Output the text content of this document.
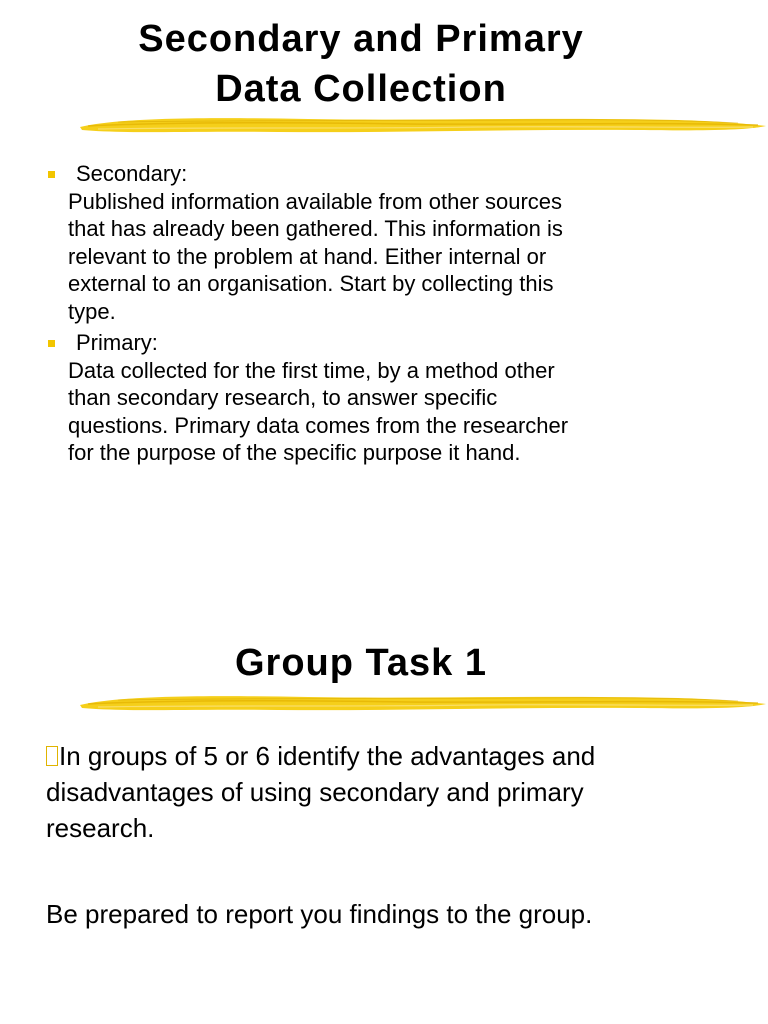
Secondary and Primary
Data Collection
Secondary:
Published information available from other sources
that has already been gathered. This information is
relevant to the problem at hand. Either internal or
external to an organisation. Start by collecting this
type.
Primary:
Data collected for the first time, by a method other
than secondary research, to answer specific
questions. Primary data comes from the researcher
for the purpose of the specific purpose it hand.
Group Task 1
In groups of 5 or 6 identify the advantages and
disadvantages of using secondary and primary
research.
Be prepared to report you findings to the group.
